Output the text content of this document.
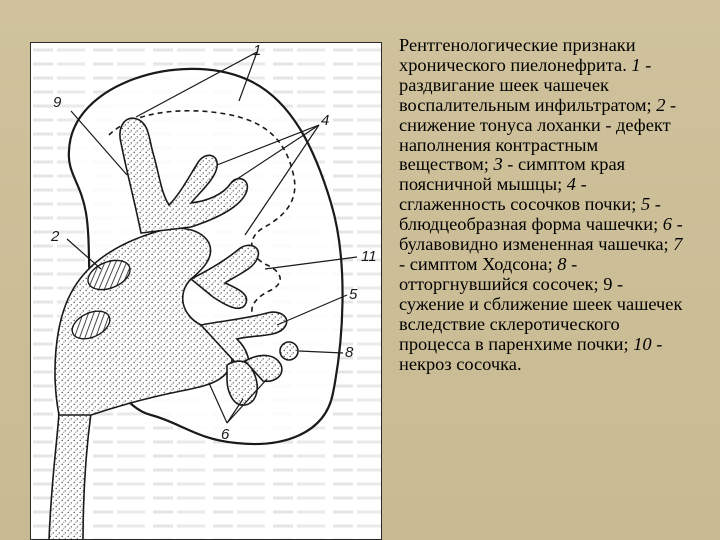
1
2
4
5
6
8
9
11

Рентгенологические признаки хронического пиелонефрита. 1 - раздвигание шеек чашечек воспалительным инфильтратом; 2 - снижение тонуса лоханки - дефект наполнения контрастным веществом; 3 - симптом края поясничной мышцы; 4 - сглаженность сосочков почки; 5 - блюдцеобразная форма чашечки; 6 - булавовидно измененная чашечка; 7 - симптом Ходсона; 8 - отторгнувшийся сосочек; 9 - сужение и сближение шеек чашечек вследствие склеротического процесса в паренхиме почки; 10 - некроз сосочка.
